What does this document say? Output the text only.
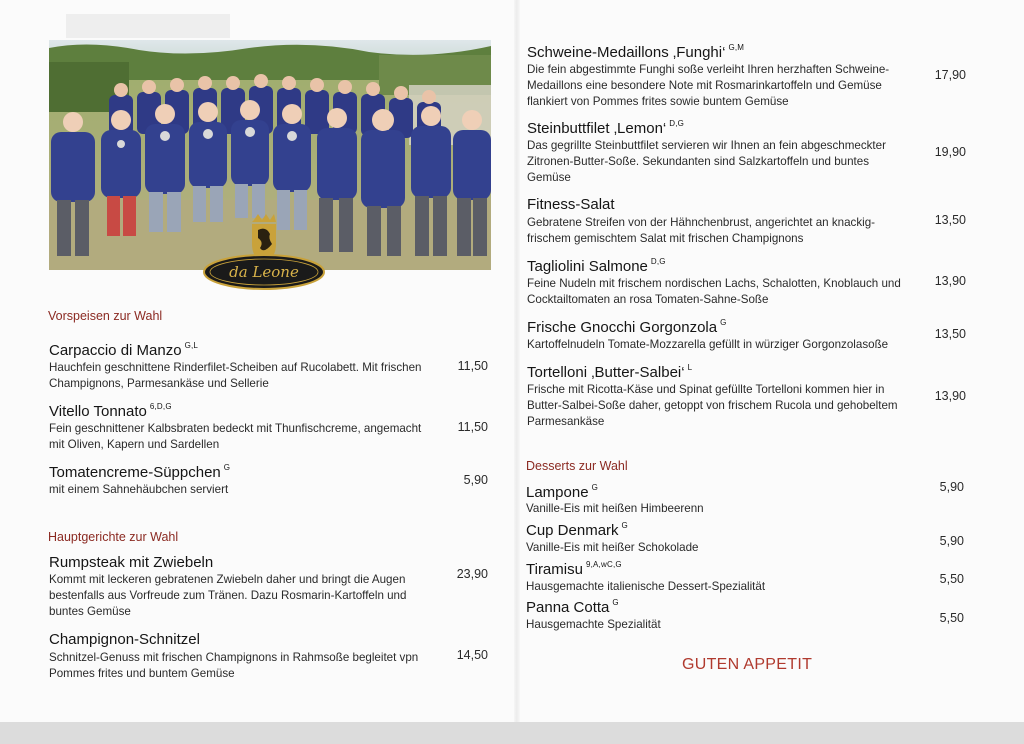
da Leone
Vorspeisen zur Wahl
Carpaccio di Manzo $^{G,L}$
Hauchfein geschnittene Rinderfilet-Scheiben auf Rucolabett. Mit frischen
Champignons, Parmesankäse und Sellerie
11,50
Vitello Tonnato $^{6,D,G}$
Fein geschnittener Kalbsbraten bedeckt mit Thunfischcreme, angemacht
mit Oliven, Kapern und Sardellen
11,50
Tomatencreme-Süppchen $^G$
mit einem Sahnehäubchen serviert
5,90
Hauptgerichte zur Wahl
Rumpsteak mit Zwiebeln
Kommt mit leckeren gebratenen Zwiebeln daher und bringt die Augen
bestenfalls aus Vorfreude zum Tränen. Dazu Rosmarin-Kartoffeln und
buntes Gemüse
23,90
Champignon-Schnitzel
Schnitzel-Genuss mit frischen Champignons in Rahmsoße begleitet vpn
Pommes frites und buntem Gemüse
14,50
Schweine-Medaillons ‚Funghi‘ $^{G,M}$
Die fein abgestimmte Funghi soße verleiht Ihren herzhaften Schweine-
Medaillons eine besondere Note mit Rosmarinkartoffeln und Gemüse
flankiert von Pommes frites sowie buntem Gemüse
17,90
Steinbuttfilet ‚Lemon‘ $^{D,G}$
Das gegrillte Steinbuttfilet servieren wir Ihnen an fein abgeschmeckter
Zitronen-Butter-Soße. Sekundanten sind Salzkartoffeln und buntes
Gemüse
19,90
Fitness-Salat
Gebratene Streifen von der Hähnchenbrust, angerichtet an knackig-
frischem gemischtem Salat mit frischen Champignons
13,50
Tagliolini Salmone $^{D,G}$
Feine Nudeln mit frischem nordischen Lachs, Schalotten, Knoblauch und
Cocktailtomaten an rosa Tomaten-Sahne-Soße
13,90
Frische Gnocchi Gorgonzola $^G$
Kartoffelnudeln Tomate-Mozzarella gefüllt in würziger Gorgonzolasoße
13,50
Tortelloni ‚Butter-Salbei‘ $^L$
Frische mit Ricotta-Käse und Spinat gefüllte Tortelloni kommen hier in
Butter-Salbei-Soße daher, getoppt von frischem Rucola und gehobeltem
Parmesankäse
13,90
Desserts zur Wahl
Lampone $^G$
Vanille-Eis mit heißen Himbeerenn
5,90
Cup Denmark $^G$
Vanille-Eis mit heißer Schokolade	5,90
Tiramisu $^{9,A,wC,G}$
Hausgemachte italienische Dessert-Spezialität
5,50
Panna Cotta $^G$
Hausgemachte Spezialität	5,50
GUTEN APPETIT
